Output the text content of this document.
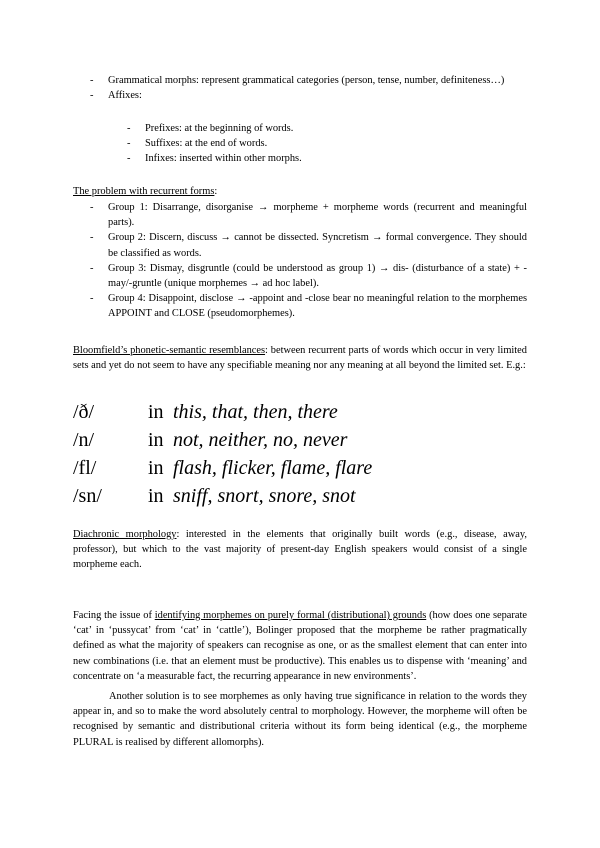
- Grammatical morphs: represent grammatical categories (person, tense, number, definiteness…)
- Affixes:
- Prefixes: at the beginning of words.
- Suffixes: at the end of words.
- Infixes: inserted within other morphs.

The problem with recurrent forms:

- Group 1: Disarrange, disorganise → morpheme + morpheme words (recurrent and meaningful parts).
- Group 2: Discern, discuss → cannot be dissected. Syncretism → formal convergence. They should be classified as words.
- Group 3: Dismay, disgruntle (could be understood as group 1) → dis- (disturbance of a state) + -may/-gruntle (unique morphemes → ad hoc label).
- Group 4: Disappoint, disclose → -appoint and -close bear no meaningful relation to the morphemes APPOINT and CLOSE (pseudomorphemes).

Bloomfield’s phonetic-semantic resemblances: between recurrent parts of words which occur in very limited sets and yet do not seem to have any specifiable meaning nor any meaning at all beyond the limited set. E.g.:

/ð/	in this, that, then, there
/n/	in not, neither, no, never
/fl/	in flash, flicker, flame, flare
/sn/ in sniff, snort, snore, snot

Diachronic morphology: interested in the elements that originally built words (e.g., disease, away, professor), but which to the vast majority of present-day English speakers would consist of a single morpheme each.

Facing the issue of identifying morphemes on purely formal (distributional) grounds (how does one separate ‘cat’ in ‘pussycat’ from ‘cat’ in ‘cattle’), Bolinger proposed that the morpheme be rather pragmatically defined as what the majority of speakers can recognise as one, or as the smallest element that can enter into new combinations (i.e. that an element must be productive). This enables us to dispense with ‘meaning’ and concentrate on ‘a measurable fact, the recurring appearance in new environments’.

Another solution is to see morphemes as only having true significance in relation to the words they appear in, and so to make the word absolutely central to morphology. However, the morpheme will often be recognised by semantic and distributional criteria without its form being identical (e.g., the morpheme PLURAL is realised by different allomorphs).
